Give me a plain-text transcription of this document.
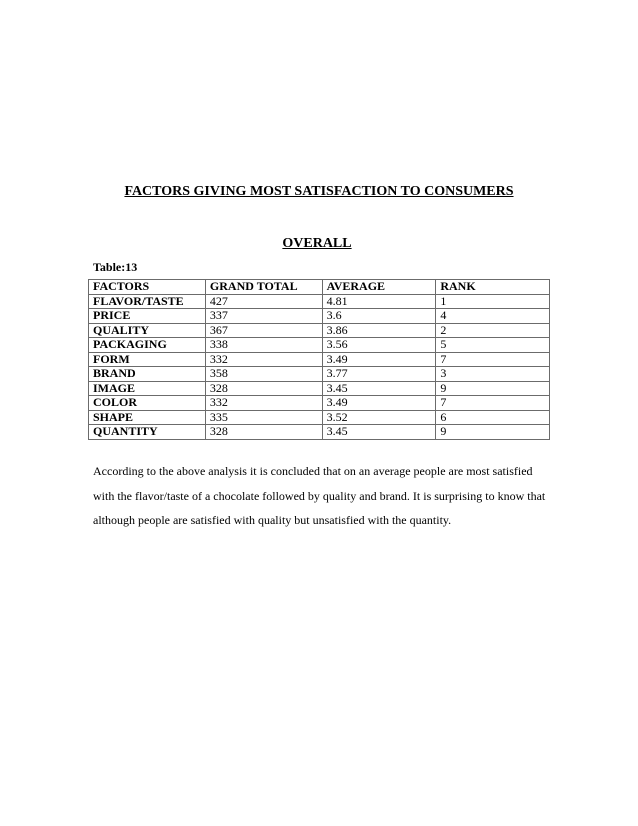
FACTORS GIVING MOST SATISFACTION TO CONSUMERS
OVERALL

Table:13

FACTORS	GRAND TOTAL	AVERAGE	RANK
FLAVOR/TASTE	427	4.81	1
PRICE	337	3.6	4
QUALITY	367	3.86	2
PACKAGING	338	3.56	5
FORM	332	3.49	7
BRAND	358	3.77	3
IMAGE	328	3.45	9
COLOR	332	3.49	7
SHAPE	335	3.52	6
QUANTITY	328	3.45	9

According to the above analysis it is concluded that on an average people are most satisfied with the flavor/taste of a chocolate followed by quality and brand. It is surprising to know that although people are satisfied with quality but unsatisfied with the quantity.
